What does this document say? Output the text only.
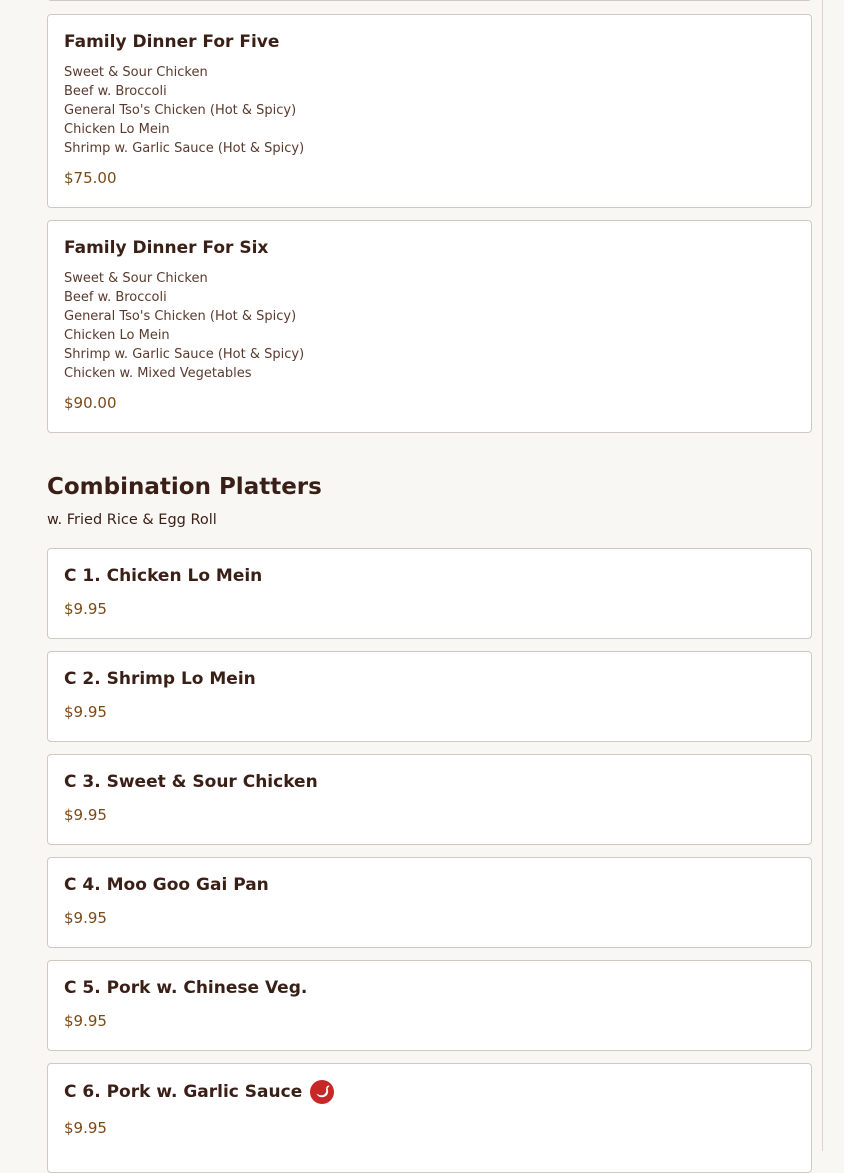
Family Dinner For Five
Sweet & Sour Chicken
Beef w. Broccoli
General Tso's Chicken (Hot & Spicy)
Chicken Lo Mein
Shrimp w. Garlic Sauce (Hot & Spicy)
$75.00
Family Dinner For Six
Sweet & Sour Chicken
Beef w. Broccoli
General Tso's Chicken (Hot & Spicy)
Chicken Lo Mein
Shrimp w. Garlic Sauce (Hot & Spicy)
Chicken w. Mixed Vegetables
$90.00
Combination Platters
w. Fried Rice & Egg Roll
C 1. Chicken Lo Mein
$9.95
C 2. Shrimp Lo Mein
$9.95
C 3. Sweet & Sour Chicken
$9.95
C 4. Moo Goo Gai Pan
$9.95
C 5. Pork w. Chinese Veg.
$9.95
C 6. Pork w. Garlic Sauce
$9.95
